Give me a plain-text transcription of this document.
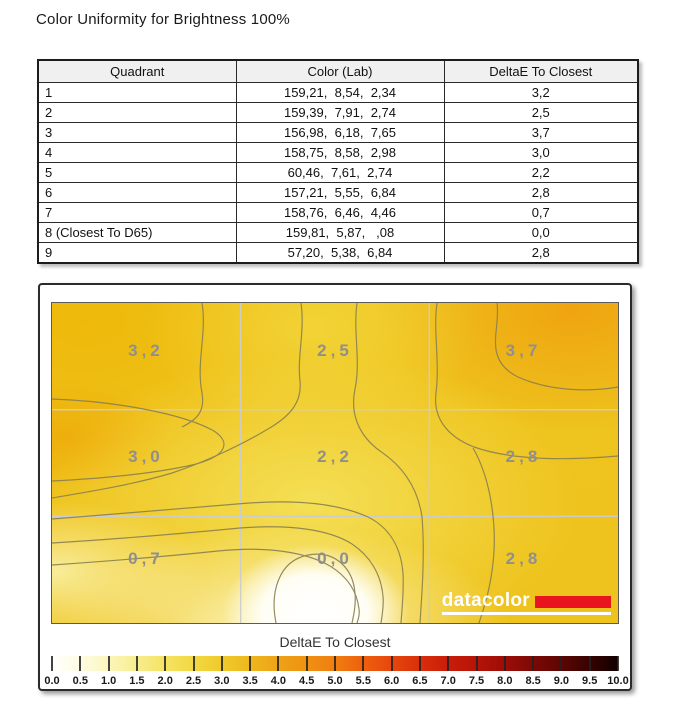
Color Uniformity for Brightness 100%
Quadrant	Color (Lab)	DeltaE To Closest
1	159,21,  8,54,  2,34	3,2
2	159,39,  7,91,  2,74	2,5
3	156,98,  6,18,  7,65	3,7
4	158,75,  8,58,  2,98	3,0
5	60,46,  7,61,  2,74	2,2
6	157,21,  5,55,  6,84	2,8
7	158,76,  6,46,  4,46	0,7
8 (Closest To D65)	159,81,  5,87,   ,08	0,0
9	57,20,  5,38,  6,84	2,8
3,2	2,5	3,7
3,0	2,2	2,8
0,7	0,0	2,8
datacolor
DeltaE To Closest
0.0 0.5 1.0 1.5 2.0 2.5 3.0 3.5 4.0 4.5 5.0 5.5 6.0 6.5 7.0 7.5 8.0 8.5 9.0 9.5 10.0
